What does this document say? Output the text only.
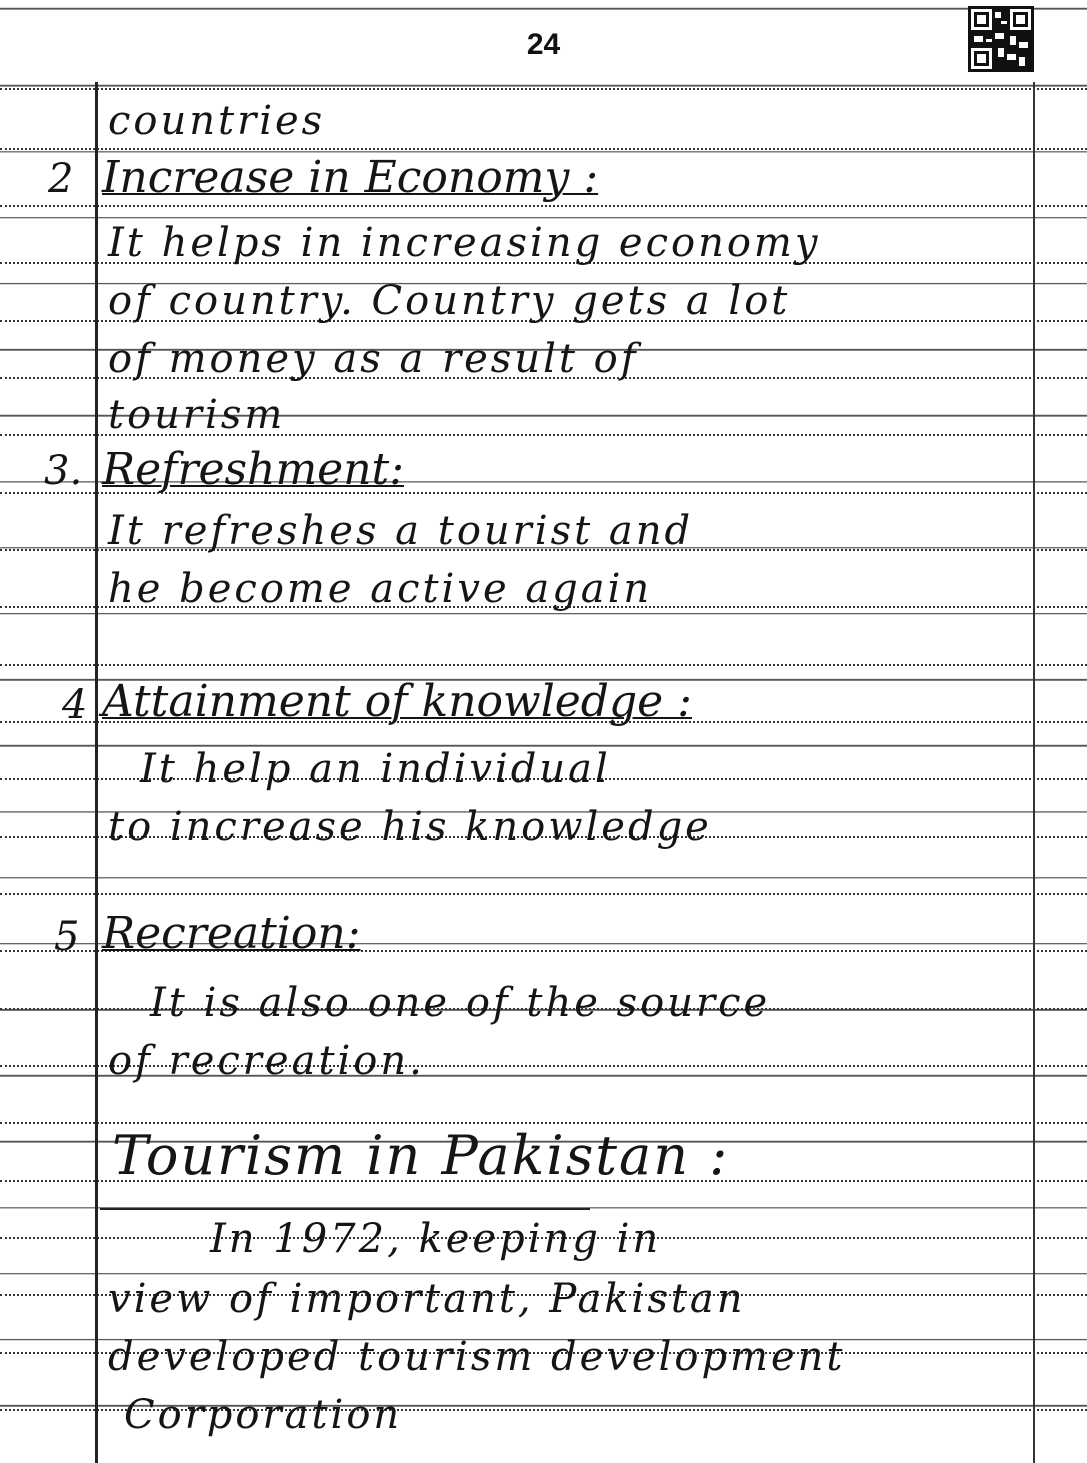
24
countries
2 Increase in Economy :
It helps in increasing economy
of country. Country gets a lot
of money as a result of
tourism
3. Refreshment:
It refreshes a tourist and
he become active again
4 Attainment of knowledge :
It help an individual
to increase his knowledge
5 Recreation:
It is also one of the source
of recreation.
Tourism in Pakistan :
In 1972, keeping in
view of important, Pakistan
developed tourism development
Corporation
